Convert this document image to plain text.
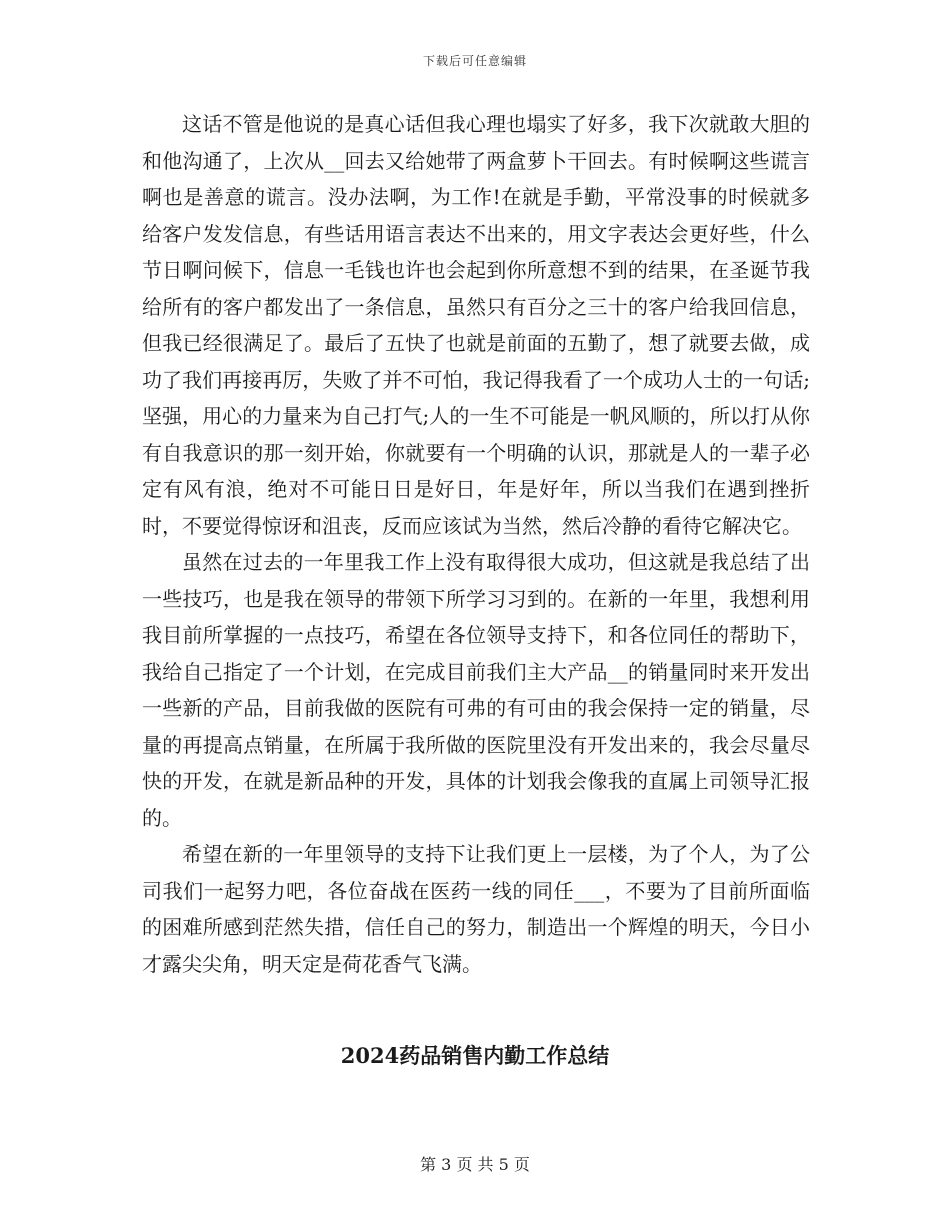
下载后可任意编辑

这话不管是他说的是真心话但我心理也塌实了好多，我下次就敢大胆的和他沟通了，上次从__回去又给她带了两盒萝卜干回去。有时候啊这些谎言啊也是善意的谎言。没办法啊，为工作!在就是手勤，平常没事的时候就多给客户发发信息，有些话用语言表达不出来的，用文字表达会更好些，什么节日啊问候下，信息一毛钱也许也会起到你所意想不到的结果，在圣诞节我给所有的客户都发出了一条信息，虽然只有百分之三十的客户给我回信息，但我已经很满足了。最后了五快了也就是前面的五勤了，想了就要去做，成功了我们再接再厉，失败了并不可怕，我记得我看了一个成功人士的一句话;坚强，用心的力量来为自己打气;人的一生不可能是一帆风顺的，所以打从你有自我意识的那一刻开始，你就要有一个明确的认识，那就是人的一辈子必定有风有浪，绝对不可能日日是好日，年是好年，所以当我们在遇到挫折时，不要觉得惊讶和沮丧，反而应该试为当然，然后冷静的看待它解决它。

虽然在过去的一年里我工作上没有取得很大成功，但这就是我总结了出一些技巧，也是我在领导的带领下所学习习到的。在新的一年里，我想利用我目前所掌握的一点技巧，希望在各位领导支持下，和各位同任的帮助下，我给自己指定了一个计划，在完成目前我们主大产品__的销量同时来开发出一些新的产品，目前我做的医院有可弗的有可由的我会保持一定的销量，尽量的再提高点销量，在所属于我所做的医院里没有开发出来的，我会尽量尽快的开发，在就是新品种的开发，具体的计划我会像我的直属上司领导汇报的。

希望在新的一年里领导的支持下让我们更上一层楼，为了个人，为了公司我们一起努力吧，各位奋战在医药一线的同任___，不要为了目前所面临的困难所感到茫然失措，信任自己的努力，制造出一个辉煌的明天，今日小才露尖尖角，明天定是荷花香气飞满。

2024药品销售内勤工作总结
第 3 页 共 5 页
